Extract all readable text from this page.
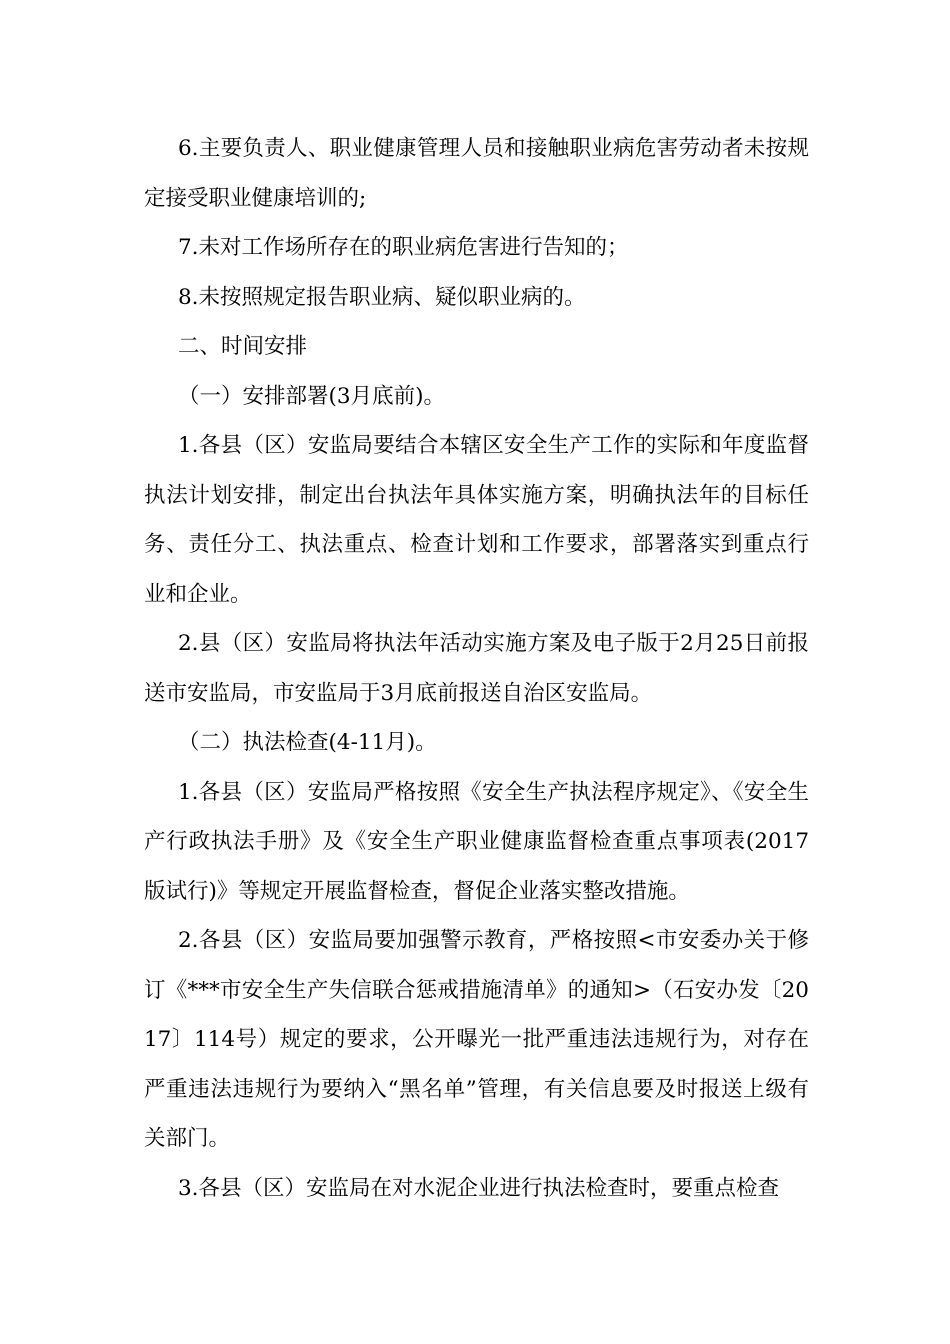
6.主要负责人、职业健康管理人员和接触职业病危害劳动者未按规定接受职业健康培训的;

7.未对工作场所存在的职业病危害进行告知的；

8.未按照规定报告职业病、疑似职业病的。

二、时间安排

（一）安排部署(3月底前)。

1.各县（区）安监局要结合本辖区安全生产工作的实际和年度监督执法计划安排，制定出台执法年具体实施方案，明确执法年的目标任务、责任分工、执法重点、检查计划和工作要求，部署落实到重点行业和企业。

2.县（区）安监局将执法年活动实施方案及电子版于2月25日前报送市安监局，市安监局于3月底前报送自治区安监局。

（二）执法检查(4-11月)。

1.各县（区）安监局严格按照《安全生产执法程序规定》、《安全生产行政执法手册》及《安全生产职业健康监督检查重点事项表(2017版试行)》等规定开展监督检查，督促企业落实整改措施。

2.各县（区）安监局要加强警示教育，严格按照<市安委办关于修订《***市安全生产失信联合惩戒措施清单》的通知>（石安办发〔2017〕114号）规定的要求，公开曝光一批严重违法违规行为，对存在严重违法违规行为要纳入“黑名单”管理，有关信息要及时报送上级有关部门。

3.各县（区）安监局在对水泥企业进行执法检查时，要重点检查
